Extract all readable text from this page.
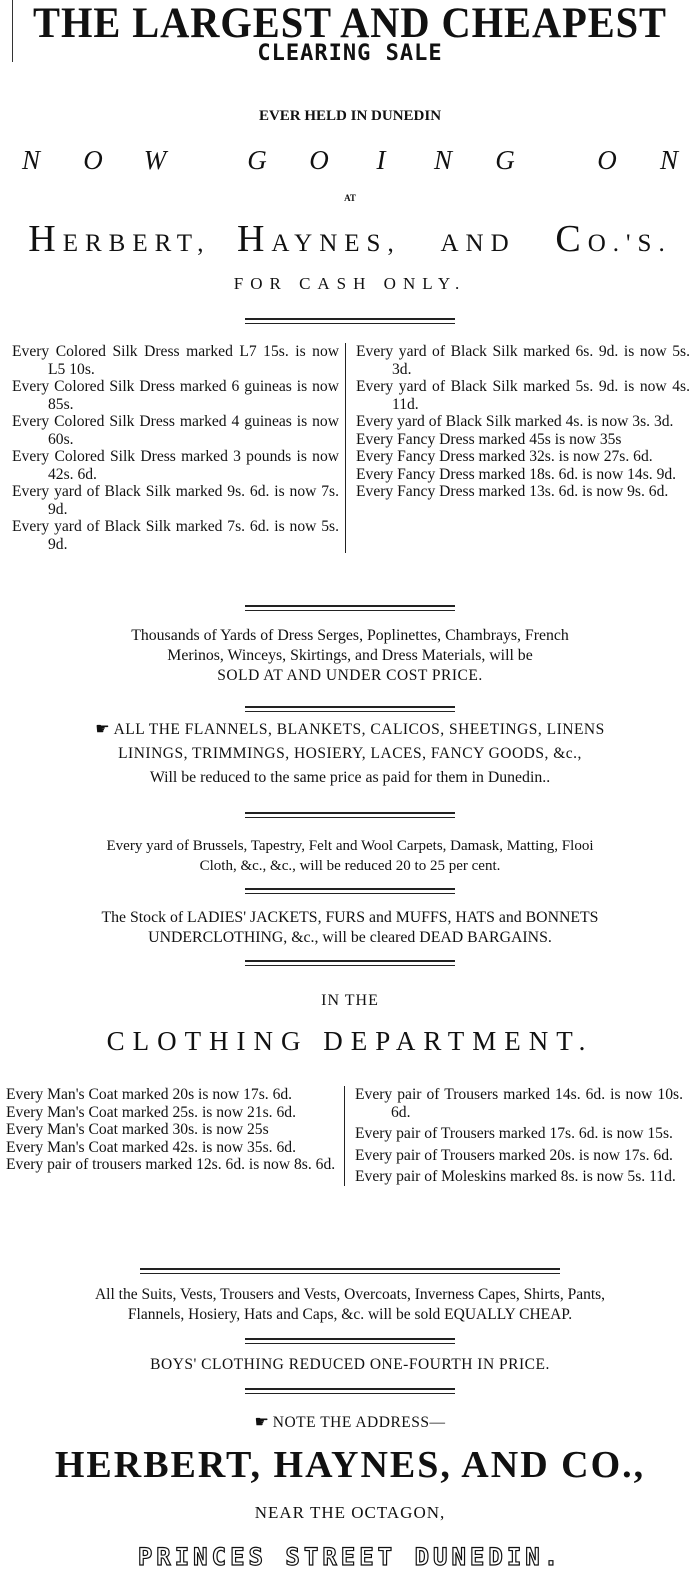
THE LARGEST AND CHEAPEST
CLEARING SALE
EVER HELD IN DUNEDIN
N O W	G O I N G	O N
AT
HERBERT, HAYNES, AND CO.'S.
FOR CASH ONLY.
Every Colored Silk Dress marked L7 15s. is now L5 10s.
Every Colored Silk Dress marked 6 guineas is now 85s.
Every Colored Silk Dress marked 4 guineas is now 60s.
Every Colored Silk Dress marked 3 pounds is now 42s. 6d.
Every yard of Black Silk marked 9s. 6d. is now 7s. 9d.
Every yard of Black Silk marked 7s. 6d. is now 5s. 9d.
Every yard of Black Silk marked 6s. 9d. is now 5s. 3d.
Every yard of Black Silk marked 5s. 9d. is now 4s. 11d.
Every yard of Black Silk marked 4s. is now 3s. 3d.
Every Fancy Dress marked 45s is now 35s
Every Fancy Dress marked 32s. is now 27s. 6d.
Every Fancy Dress marked 18s. 6d. is now 14s. 9d.
Every Fancy Dress marked 13s. 6d. is now 9s. 6d.
Thousands of Yards of Dress Serges, Poplinettes, Chambrays, French
Merinos, Winceys, Skirtings, and Dress Materials, will be
SOLD AT AND UNDER COST PRICE.
☛ ALL THE FLANNELS, BLANKETS, CALICOS, SHEETINGS, LINENS
LININGS, TRIMMINGS, HOSIERY, LACES, FANCY GOODS, &c.,
Will be reduced to the same price as paid for them in Dunedin..
Every yard of Brussels, Tapestry, Felt and Wool Carpets, Damask, Matting, Flooi
Cloth, &c., &c., will be reduced 20 to 25 per cent.
The Stock of LADIES' JACKETS, FURS and MUFFS, HATS and BONNETS
UNDERCLOTHING, &c., will be cleared DEAD BARGAINS.
IN THE
CLOTHING DEPARTMENT.
Every Man's Coat marked 20s is now 17s. 6d.
Every Man's Coat marked 25s. is now 21s. 6d.
Every Man's Coat marked 30s. is now 25s
Every Man's Coat marked 42s. is now 35s. 6d.
Every pair of trousers marked 12s. 6d. is now 8s. 6d.
Every pair of Trousers marked 14s. 6d. is now 10s. 6d.
Every pair of Trousers marked 17s. 6d. is now 15s.
Every pair of Trousers marked 20s. is now 17s. 6d.
Every pair of Moleskins marked 8s. is now 5s. 11d.
All the Suits, Vests, Trousers and Vests, Overcoats, Inverness Capes, Shirts, Pants,
Flannels, Hosiery, Hats and Caps, &c. will be sold EQUALLY CHEAP.
BOYS' CLOTHING REDUCED ONE-FOURTH IN PRICE.
☛ NOTE THE ADDRESS—
HERBERT, HAYNES, AND CO.,
NEAR THE OCTAGON,
PRINCES STREET DUNEDIN.
